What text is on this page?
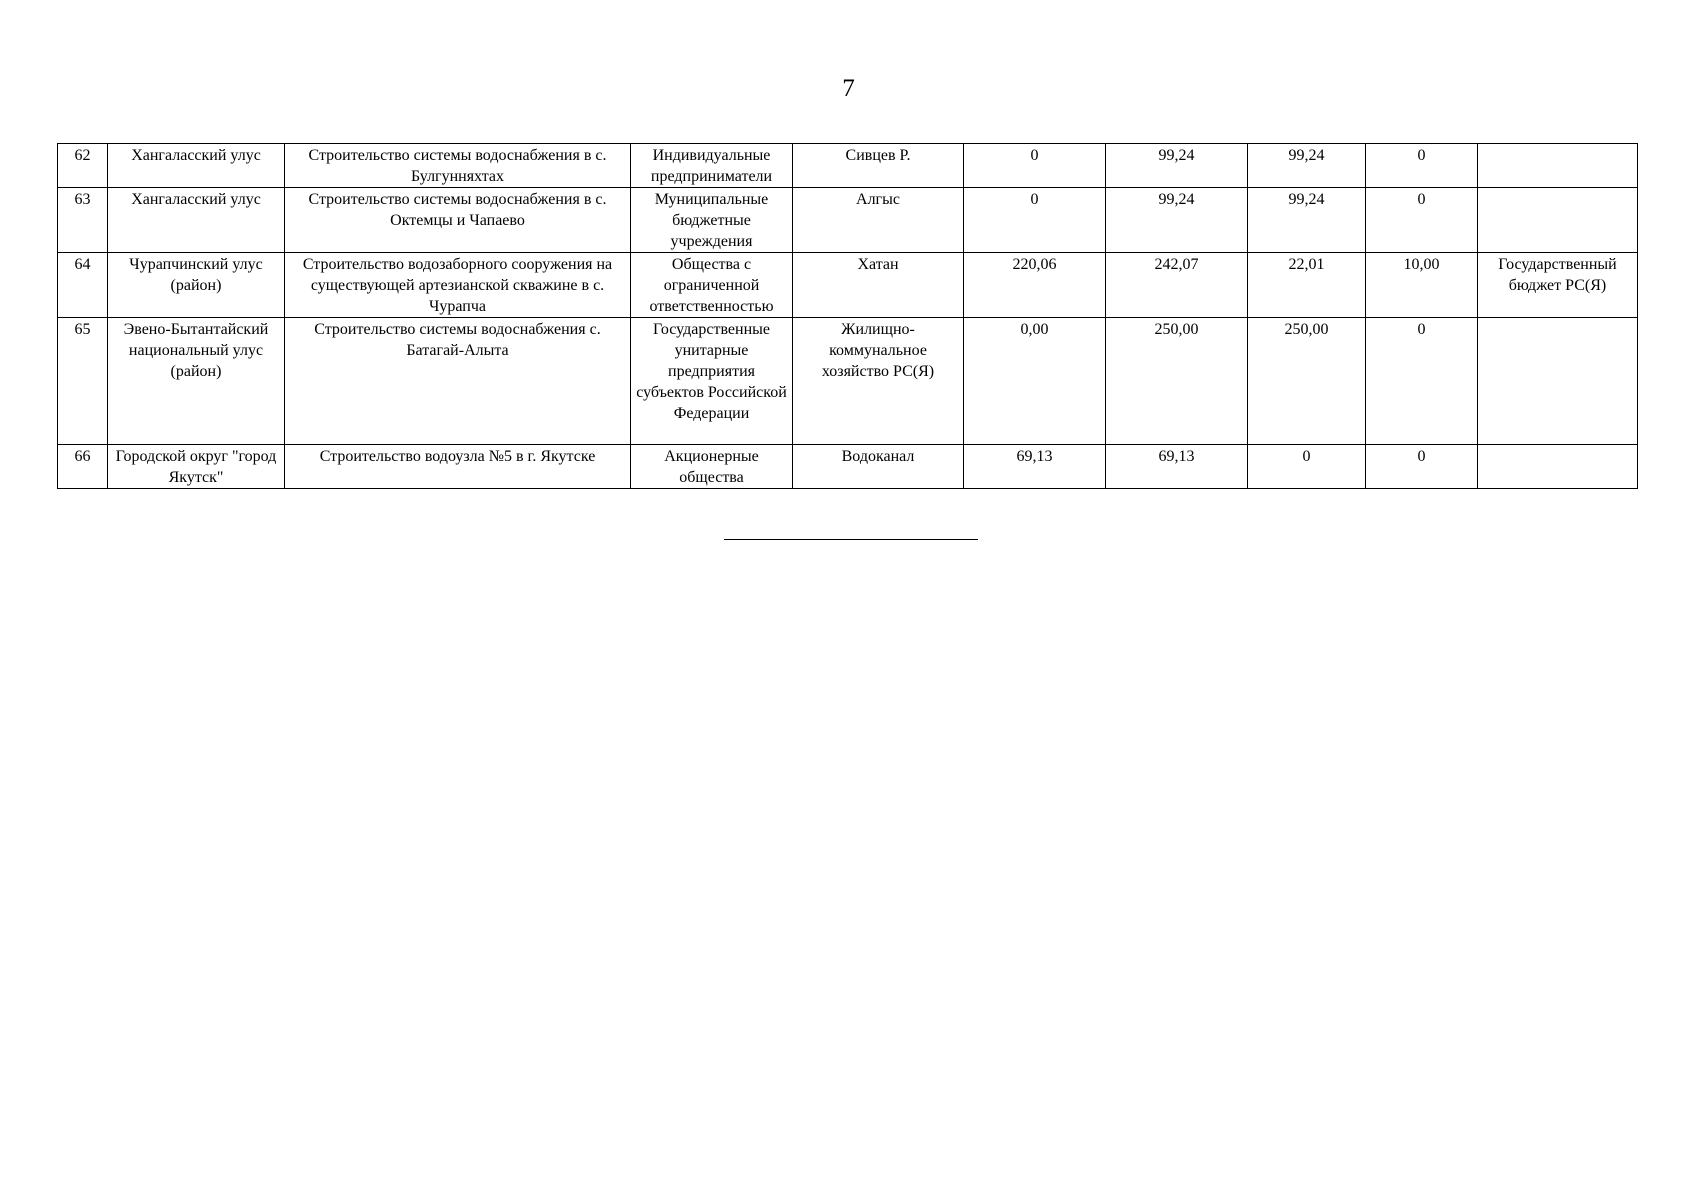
7
62	Хангаласский улус	Строительство системы водоснабжения в с. Булгунняхтах	Индивидуальные предприниматели	Сивцев Р.	0	99,24	99,24	0	
63	Хангаласский улус	Строительство системы водоснабжения в с. Октемцы и Чапаево	Муниципальные бюджетные учреждения	Алгыс	0	99,24	99,24	0	
64	Чурапчинский улус (район)	Строительство водозаборного сооружения на существующей артезианской скважине в с. Чурапча	Общества с ограниченной ответственностью	Хатан	220,06	242,07	22,01	10,00	Государственный бюджет РС(Я)
65	Эвено-Бытантайский национальный улус (район)	Строительство системы водоснабжения с. Батагай-Алыта	Государственные унитарные предприятия субъектов Российской Федерации	Жилищно-коммунальное хозяйство РС(Я)	0,00	250,00	250,00	0	
66	Городской округ "город Якутск"	Строительство водоузла №5 в г. Якутске	Акционерные общества	Водоканал	69,13	69,13	0	0	
